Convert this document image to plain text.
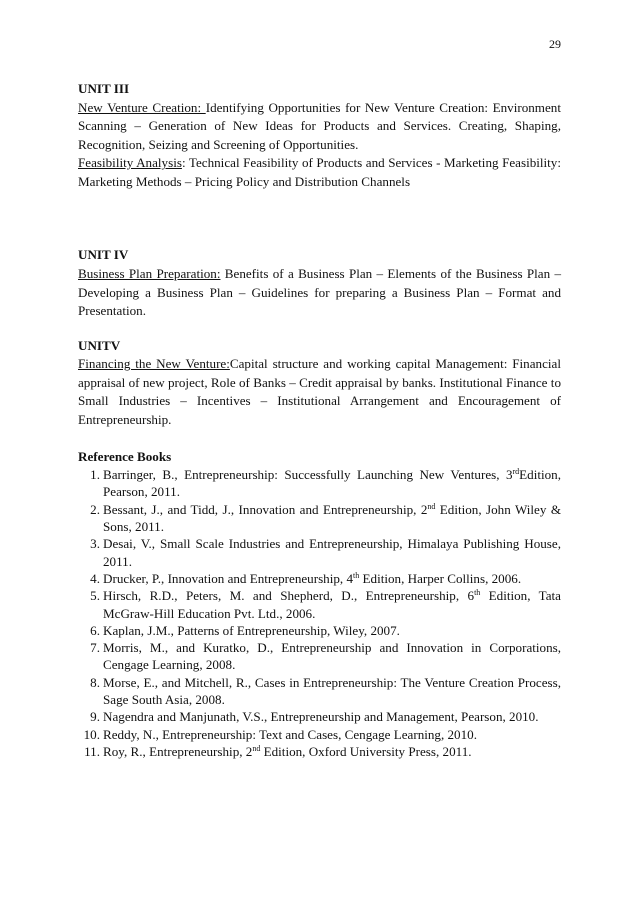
29

UNIT III

New Venture Creation: Identifying Opportunities for New Venture Creation: Environment Scanning – Generation of New Ideas for Products and Services. Creating, Shaping, Recognition, Seizing and Screening of Opportunities.

Feasibility Analysis: Technical Feasibility of Products and Services - Marketing Feasibility: Marketing Methods – Pricing Policy and Distribution Channels

UNIT IV

Business Plan Preparation: Benefits of a Business Plan – Elements of the Business Plan – Developing a Business Plan – Guidelines for preparing a Business Plan – Format and Presentation.

UNITV

Financing the New Venture:Capital structure and working capital Management: Financial appraisal of new project, Role of Banks – Credit appraisal by banks. Institutional Finance to Small Industries – Incentives – Institutional Arrangement and Encouragement of Entrepreneurship.

Reference Books

1. Barringer, B., Entrepreneurship: Successfully Launching New Ventures, 3rdEdition, Pearson, 2011.
2. Bessant, J., and Tidd, J., Innovation and Entrepreneurship, 2nd Edition, John Wiley & Sons, 2011.
3. Desai, V., Small Scale Industries and Entrepreneurship, Himalaya Publishing House, 2011.
4. Drucker, P., Innovation and Entrepreneurship, 4th Edition, Harper Collins, 2006.
5. Hirsch, R.D., Peters, M. and Shepherd, D., Entrepreneurship, 6th Edition, Tata McGraw-Hill Education Pvt. Ltd., 2006.
6. Kaplan, J.M., Patterns of Entrepreneurship, Wiley, 2007.
7. Morris, M., and Kuratko, D., Entrepreneurship and Innovation in Corporations, Cengage Learning, 2008.
8. Morse, E., and Mitchell, R., Cases in Entrepreneurship: The Venture Creation Process, Sage South Asia, 2008.
9. Nagendra and Manjunath, V.S., Entrepreneurship and Management, Pearson, 2010.
10. Reddy, N., Entrepreneurship: Text and Cases, Cengage Learning, 2010.
11. Roy, R., Entrepreneurship, 2nd Edition, Oxford University Press, 2011.
